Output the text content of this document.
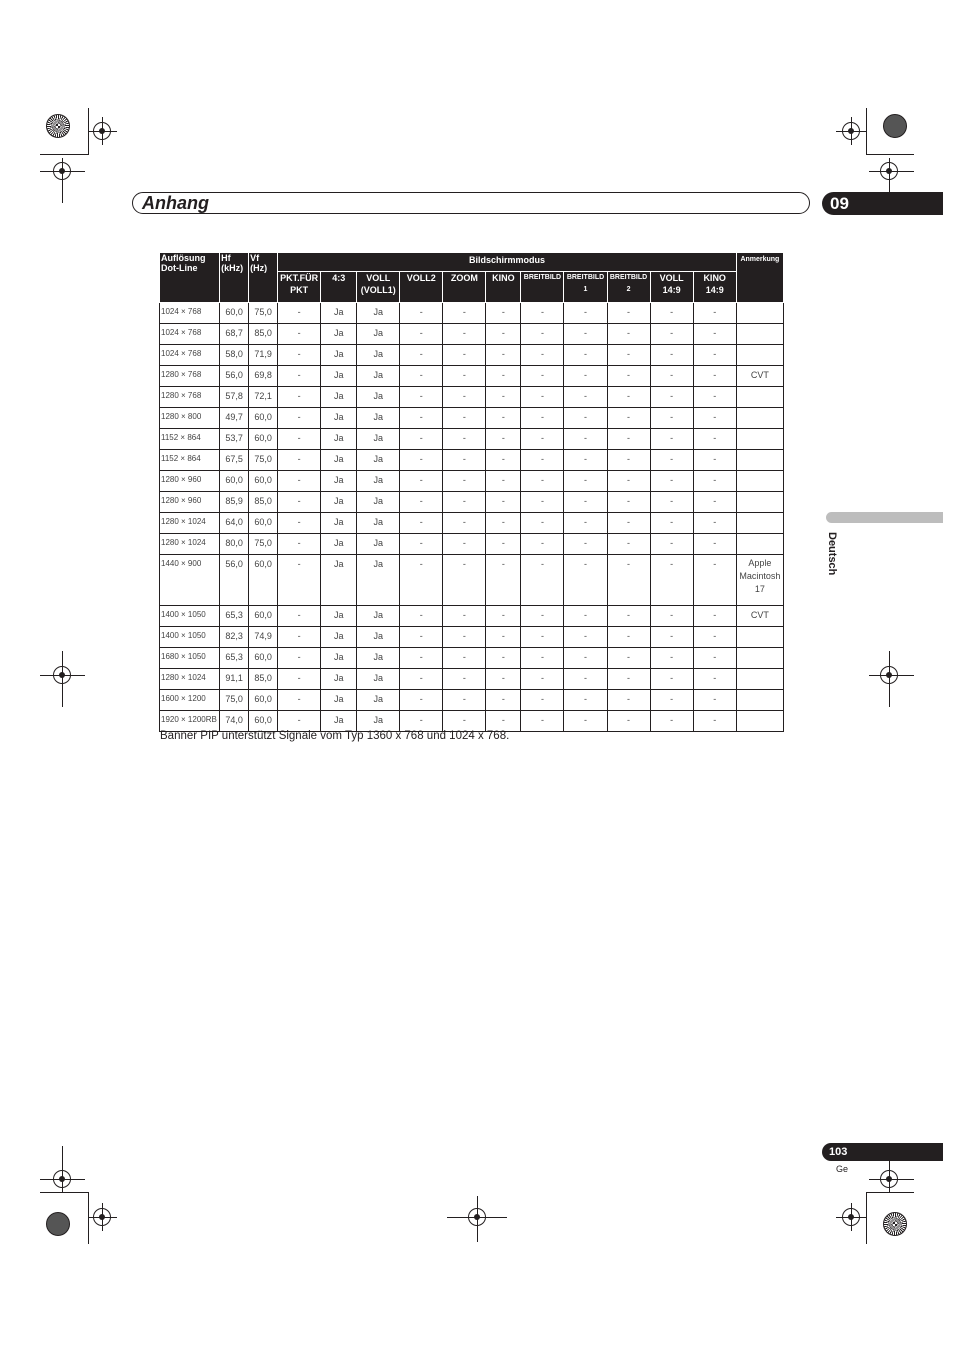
Anhang	09
Deutsch
Auflösung Dot-Line	Hf (kHz)	Vf (Hz)	Bildschirmmodus											Anmerkung
			PKT.FÜR PKT	4:3	VOLL (VOLL1)	VOLL2	ZOOM	KINO	BREITBILD	BREITBILD 1	BREITBILD 2	VOLL 14:9	KINO 14:9	
1024 × 768	60,0	75,0	-	Ja	Ja	-	-	-	-	-	-	-	-	
1024 × 768	68,7	85,0	-	Ja	Ja	-	-	-	-	-	-	-	-	
1024 × 768	58,0	71,9	-	Ja	Ja	-	-	-	-	-	-	-	-	
1280 × 768	56,0	69,8	-	Ja	Ja	-	-	-	-	-	-	-	-	CVT
1280 × 768	57,8	72,1	-	Ja	Ja	-	-	-	-	-	-	-	-	
1280 × 800	49,7	60,0	-	Ja	Ja	-	-	-	-	-	-	-	-	
1152 × 864	53,7	60,0	-	Ja	Ja	-	-	-	-	-	-	-	-	
1152 × 864	67,5	75,0	-	Ja	Ja	-	-	-	-	-	-	-	-	
1280 × 960	60,0	60,0	-	Ja	Ja	-	-	-	-	-	-	-	-	
1280 × 960	85,9	85,0	-	Ja	Ja	-	-	-	-	-	-	-	-	
1280 × 1024	64,0	60,0	-	Ja	Ja	-	-	-	-	-	-	-	-	
1280 × 1024	80,0	75,0	-	Ja	Ja	-	-	-	-	-	-	-	-	
1440 × 900	56,0	60,0	-	Ja	Ja	-	-	-	-	-	-	-	-	Apple Macintosh 17
1400 × 1050	65,3	60,0	-	Ja	Ja	-	-	-	-	-	-	-	-	CVT
1400 × 1050	82,3	74,9	-	Ja	Ja	-	-	-	-	-	-	-	-	
1680 × 1050	65,3	60,0	-	Ja	Ja	-	-	-	-	-	-	-	-	
1280 × 1024	91,1	85,0	-	Ja	Ja	-	-	-	-	-	-	-	-	
1600 × 1200	75,0	60,0	-	Ja	Ja	-	-	-	-	-	-	-	-	
1920 × 1200RB	74,0	60,0	-	Ja	Ja	-	-	-	-	-	-	-	-	
Banner PIP unterstützt Signale vom Typ 1360 x 768 und 1024 x 768.
103
Ge
